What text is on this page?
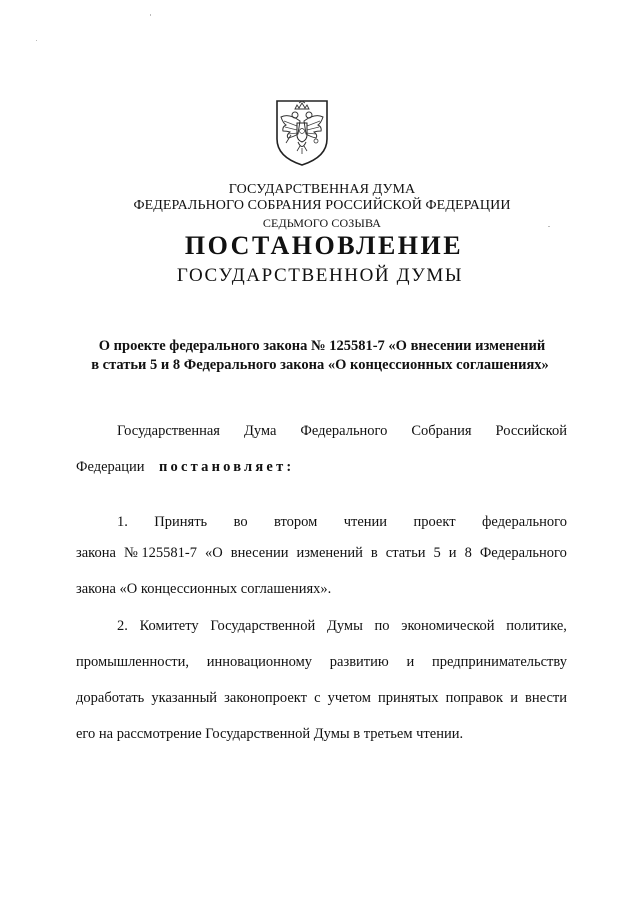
ГОСУДАРСТВЕННАЯ ДУМА
ФЕДЕРАЛЬНОГО СОБРАНИЯ РОССИЙСКОЙ ФЕДЕРАЦИИ
СЕДЬМОГО СОЗЫВА
ПОСТАНОВЛЕНИЕ
ГОСУДАРСТВЕННОЙ ДУМЫ
О проекте федерального закона № 125581-7 «О внесении изменений
в статьи 5 и 8 Федерального закона «О концессионных соглашениях»
Государственная Дума Федерального Собрания Российской
Федерации постановляет:
1. Принять во втором чтении проект федерального
закона № 125581-7 «О внесении изменений в статьи 5 и 8 Федерального
закона «О концессионных соглашениях».
2. Комитету Государственной Думы по экономической политике,
промышленности, инновационному развитию и предпринимательству
доработать указанный законопроект с учетом принятых поправок и внести
его на рассмотрение Государственной Думы в третьем чтении.
